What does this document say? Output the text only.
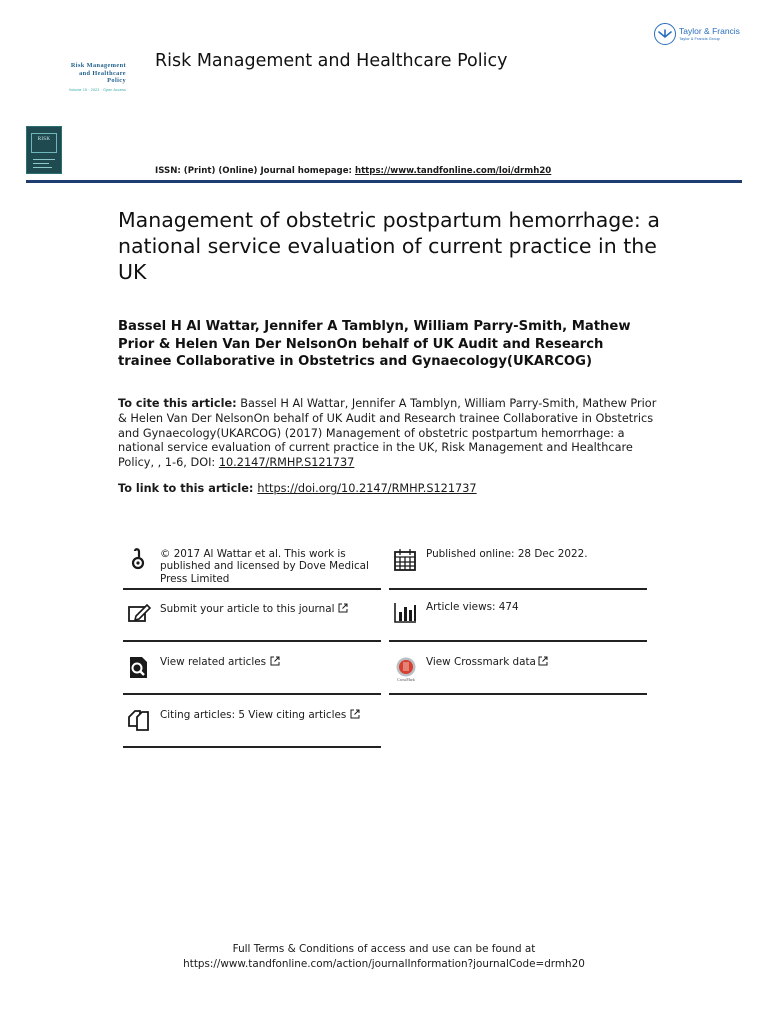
Taylor & Francis
Taylor & Francis Group
Risk Management
and Healthcare
Policy
Volume 15 · 2022 · Open Access
Risk Management and Healthcare Policy
RISK
ISSN: (Print) (Online) Journal homepage: https://www.tandfonline.com/loi/drmh20
Management of obstetric postpartum hemorrhage: a national service evaluation of current practice in the UK
Bassel H Al Wattar, Jennifer A Tamblyn, William Parry-Smith, Mathew Prior & Helen Van Der NelsonOn behalf of UK Audit and Research trainee Collaborative in Obstetrics and Gynaecology(UKARCOG)
To cite this article: Bassel H Al Wattar, Jennifer A Tamblyn, William Parry-Smith, Mathew Prior & Helen Van Der NelsonOn behalf of UK Audit and Research trainee Collaborative in Obstetrics and Gynaecology(UKARCOG) (2017) Management of obstetric postpartum hemorrhage: a national service evaluation of current practice in the UK, Risk Management and Healthcare Policy, , 1-6, DOI: 10.2147/RMHP.S121737
To link to this article: https://doi.org/10.2147/RMHP.S121737
© 2017 Al Wattar et al. This work is published and licensed by Dove Medical Press Limited
Submit your article to this journal
View related articles
Citing articles: 5 View citing articles
Published online: 28 Dec 2022.
Article views: 474
CrossMark
View Crossmark data
Full Terms & Conditions of access and use can be found at
https://www.tandfonline.com/action/journalInformation?journalCode=drmh20
